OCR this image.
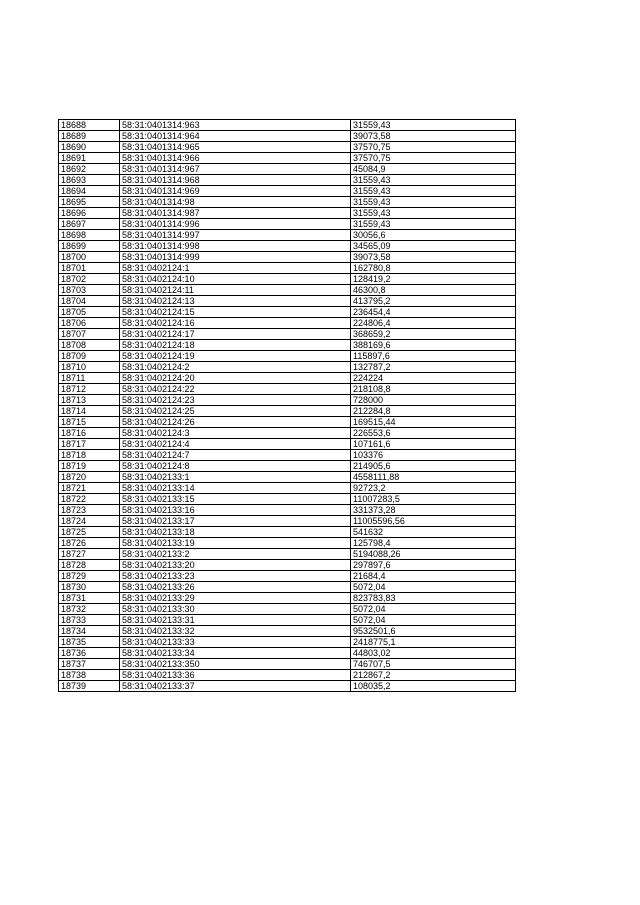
18688	58:31:0401314:963	31559,43
18689	58:31:0401314:964	39073,58
18690	58:31:0401314:965	37570,75
18691	58:31:0401314:966	37570,75
18692	58:31:0401314:967	45084,9
18693	58:31:0401314:968	31559,43
18694	58:31:0401314:969	31559,43
18695	58:31:0401314:98	31559,43
18696	58:31:0401314:987	31559,43
18697	58:31:0401314:996	31559,43
18698	58:31:0401314:997	30056,6
18699	58:31:0401314:998	34565,09
18700	58:31:0401314:999	39073,58
18701	58:31:0402124:1	162780,8
18702	58:31:0402124:10	128419,2
18703	58:31:0402124:11	46300,8
18704	58:31:0402124:13	413795,2
18705	58:31:0402124:15	236454,4
18706	58:31:0402124:16	224806,4
18707	58:31:0402124:17	368659,2
18708	58:31:0402124:18	388169,6
18709	58:31:0402124:19	115897,6
18710	58:31:0402124:2	132787,2
18711	58:31:0402124:20	224224
18712	58:31:0402124:22	218108,8
18713	58:31:0402124:23	728000
18714	58:31:0402124:25	212284,8
18715	58:31:0402124:26	169515,44
18716	58:31:0402124:3	226553,6
18717	58:31:0402124:4	107161,6
18718	58:31:0402124:7	103376
18719	58:31:0402124:8	214905,6
18720	58:31:0402133:1	4558111,88
18721	58:31:0402133:14	92723,2
18722	58:31:0402133:15	11007283,5
18723	58:31:0402133:16	331373,28
18724	58:31:0402133:17	11005596,56
18725	58:31:0402133:18	541632
18726	58:31:0402133:19	125798,4
18727	58:31:0402133:2	5194088,26
18728	58:31:0402133:20	297897,6
18729	58:31:0402133:23	21684,4
18730	58:31:0402133:26	5072,04
18731	58:31:0402133:29	823783,83
18732	58:31:0402133:30	5072,04
18733	58:31:0402133:31	5072,04
18734	58:31:0402133:32	9532501,6
18735	58:31:0402133:33	2418775,1
18736	58:31:0402133:34	44803,02
18737	58:31:0402133:350	746707,5
18738	58:31:0402133:36	212867,2
18739	58:31:0402133:37	108035,2
